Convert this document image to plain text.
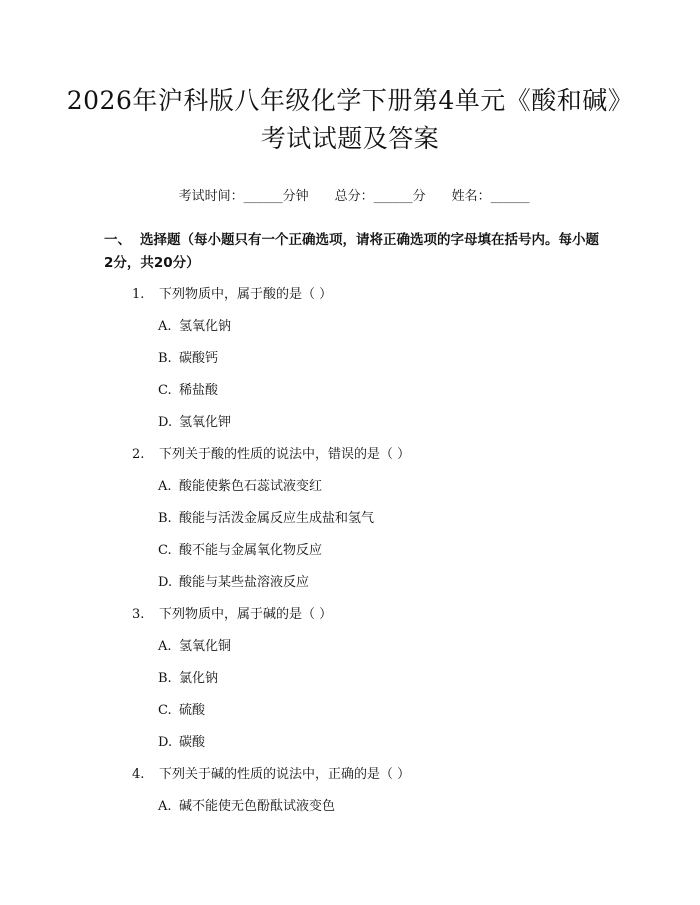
2026年沪科版八年级化学下册第4单元《酸和碱》考试试题及答案

考试时间：______分钟 总分：______分 姓名：______

一、 选择题（每小题只有一个正确选项，请将正确选项的字母填在括号内。每小题2分，共20分）
1. 下列物质中，属于酸的是（ ）
A. 氢氧化钠
B. 碳酸钙
C. 稀盐酸
D. 氢氧化钾
2. 下列关于酸的性质的说法中，错误的是（ ）
A. 酸能使紫色石蕊试液变红
B. 酸能与活泼金属反应生成盐和氢气
C. 酸不能与金属氧化物反应
D. 酸能与某些盐溶液反应
3. 下列物质中，属于碱的是（ ）
A. 氢氧化铜
B. 氯化钠
C. 硫酸
D. 碳酸
4. 下列关于碱的性质的说法中，正确的是（ ）
A. 碱不能使无色酚酞试液变色
